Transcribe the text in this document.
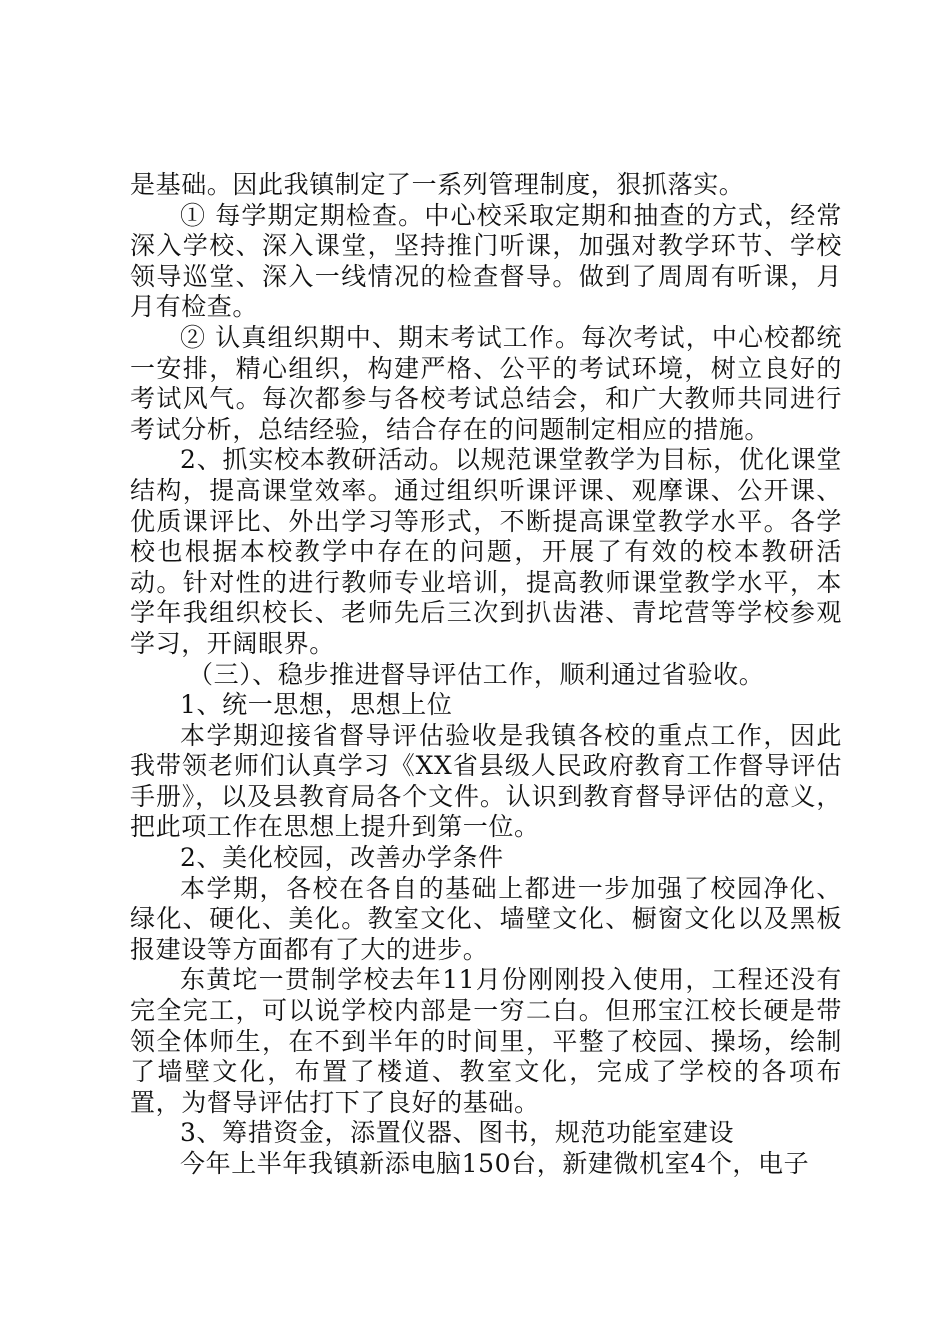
是基础。因此我镇制定了一系列管理制度，狠抓落实。

① 每学期定期检查。中心校采取定期和抽查的方式，经常深入学校、深入课堂，坚持推门听课，加强对教学环节、学校领导巡堂、深入一线情况的检查督导。做到了周周有听课，月月有检查。

② 认真组织期中、期末考试工作。每次考试，中心校都统一安排，精心组织，构建严格、公平的考试环境，树立良好的考试风气。每次都参与各校考试总结会，和广大教师共同进行考试分析，总结经验，结合存在的问题制定相应的措施。

2、抓实校本教研活动。以规范课堂教学为目标，优化课堂结构，提高课堂效率。通过组织听课评课、观摩课、公开课、优质课评比、外出学习等形式，不断提高课堂教学水平。各学校也根据本校教学中存在的问题，开展了有效的校本教研活动。针对性的进行教师专业培训，提高教师课堂教学水平，本学年我组织校长、老师先后三次到扒齿港、青坨营等学校参观学习，开阔眼界。

（三）、稳步推进督导评估工作，顺利通过省验收。

1、统一思想，思想上位

本学期迎接省督导评估验收是我镇各校的重点工作，因此我带领老师们认真学习《XX省县级人民政府教育工作督导评估手册》，以及县教育局各个文件。认识到教育督导评估的意义，把此项工作在思想上提升到第一位。

2、美化校园，改善办学条件

本学期，各校在各自的基础上都进一步加强了校园净化、绿化、硬化、美化。教室文化、墙壁文化、橱窗文化以及黑板报建设等方面都有了大的进步。

东黄坨一贯制学校去年11月份刚刚投入使用，工程还没有完全完工，可以说学校内部是一穷二白。但邢宝江校长硬是带领全体师生，在不到半年的时间里，平整了校园、操场，绘制了墙壁文化，布置了楼道、教室文化，完成了学校的各项布置，为督导评估打下了良好的基础。

3、筹措资金，添置仪器、图书，规范功能室建设

今年上半年我镇新添电脑150台，新建微机室4个，电子
